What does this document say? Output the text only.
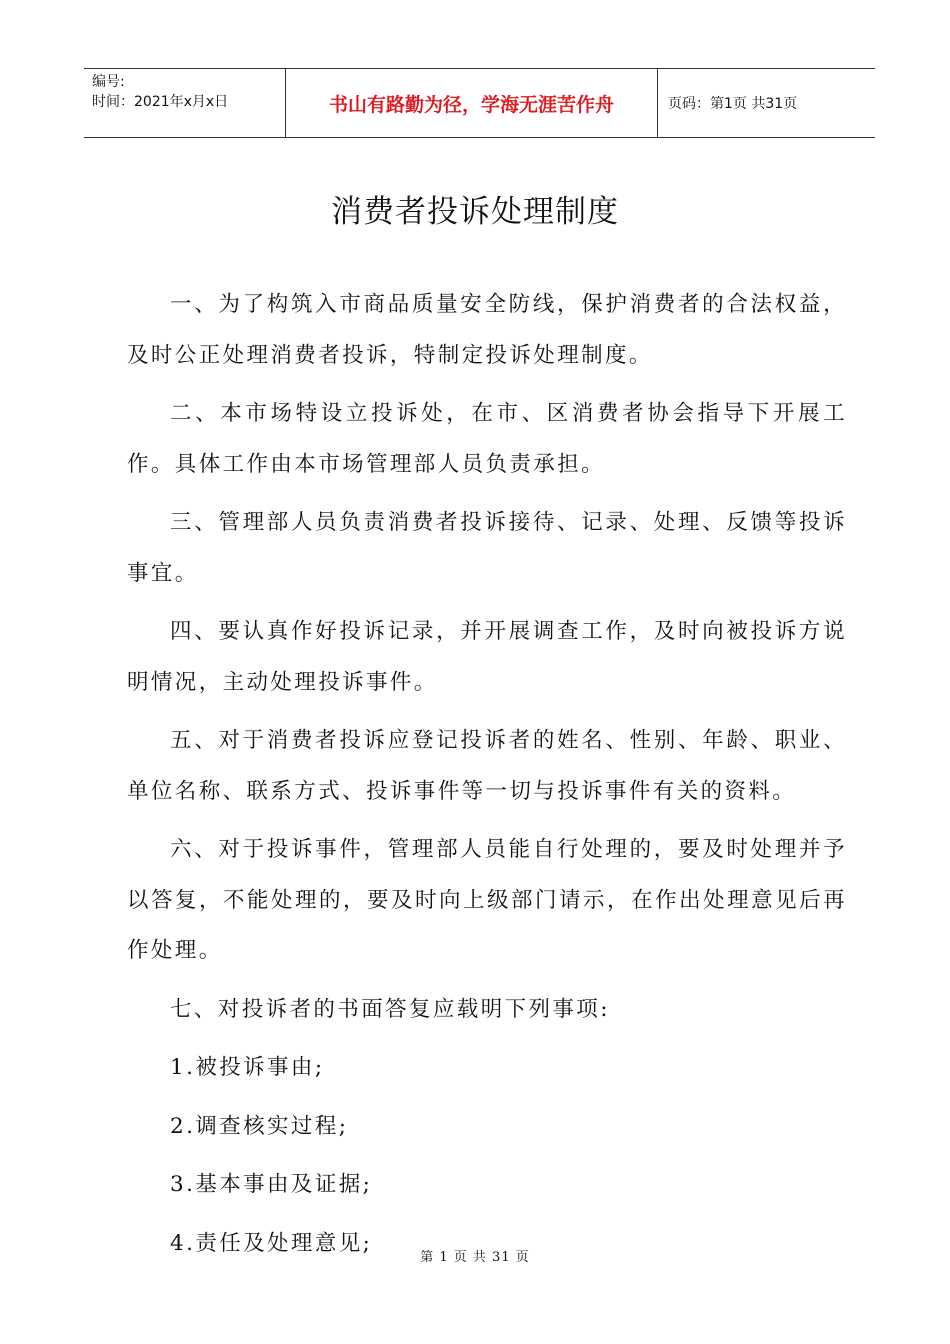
编号:
时间：2021年x月x日	书山有路勤为径，学海无涯苦作舟	页码：第1页 共31页
消费者投诉处理制度

一、为了构筑入市商品质量安全防线，保护消费者的合法权益，及时公正处理消费者投诉，特制定投诉处理制度。

二、本市场特设立投诉处，在市、区消费者协会指导下开展工作。具体工作由本市场管理部人员负责承担。

三、管理部人员负责消费者投诉接待、记录、处理、反馈等投诉事宜。

四、要认真作好投诉记录，并开展调查工作，及时向被投诉方说明情况，主动处理投诉事件。

五、对于消费者投诉应登记投诉者的姓名、性别、年龄、职业、单位名称、联系方式、投诉事件等一切与投诉事件有关的资料。

六、对于投诉事件，管理部人员能自行处理的，要及时处理并予以答复，不能处理的，要及时向上级部门请示，在作出处理意见后再作处理。

七、对投诉者的书面答复应载明下列事项:

1.被投诉事由;

2.调查核实过程;

3.基本事由及证据;

4.责任及处理意见;

第 1 页 共 31 页
